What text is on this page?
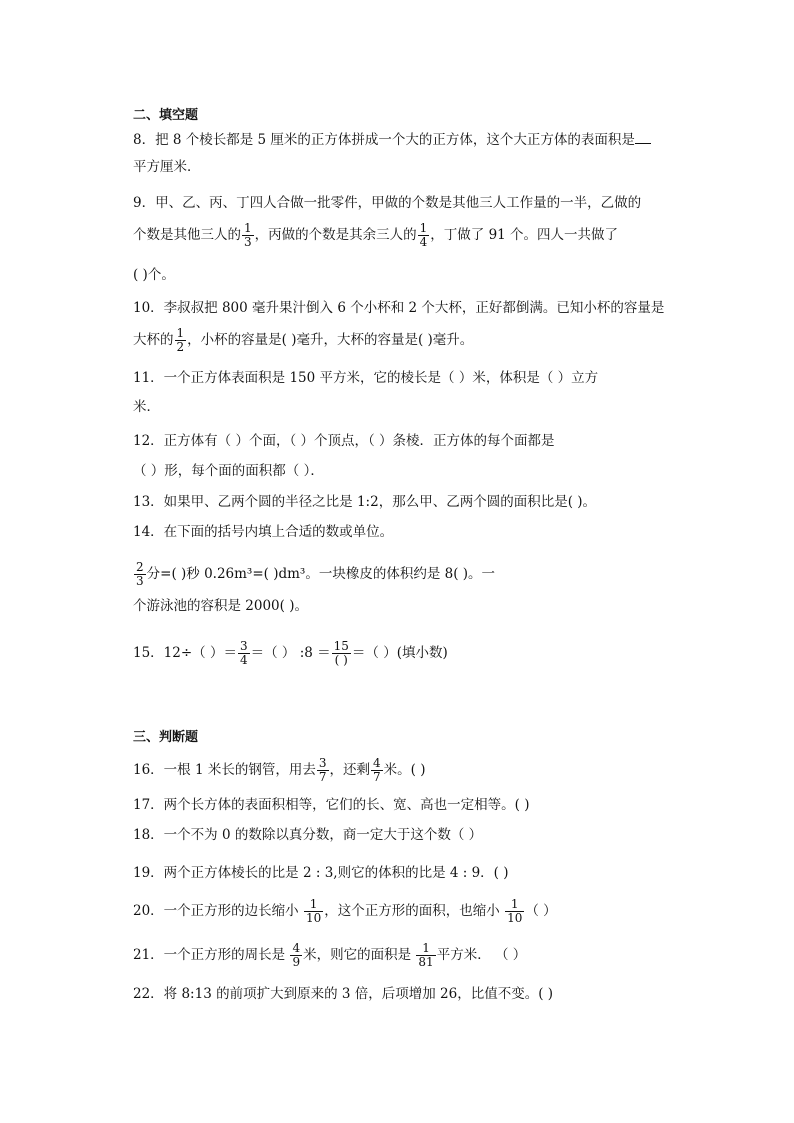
二、填空题
8．把 8 个棱长都是 5 厘米的正方体拼成一个大的正方体，这个大正方体的表面积是
平方厘米．
9．甲、乙、丙、丁四人合做一批零件，甲做的个数是其他三人工作量的一半，乙做的
个数是其他三人的 $\frac{1}{3}$ ，丙做的个数是其余三人的 $\frac{1}{4}$ ，丁做了 91 个。四人一共做了
( )个。
10．李叔叔把 800 毫升果汁倒入 6 个小杯和 2 个大杯，正好都倒满。已知小杯的容量是
大杯的 $\frac{1}{2}$ ，小杯的容量是( )毫升，大杯的容量是( )毫升。
11．一个正方体表面积是 150 平方米，它的棱长是（ ）米，体积是（ ）立方
米．
12．正方体有（ ）个面，（ ）个顶点，（ ）条棱．正方体的每个面都是
（ ）形，每个面的面积都（ ）．
13．如果甲、乙两个圆的半径之比是 1:2，那么甲、乙两个圆的面积比是( )。
14．在下面的括号内填上合适的数或单位。
$\frac{2}{3}$ 分=( )秒 0.26m³=( )dm³。一块橡皮的体积约是 8( )。一
个游泳池的容积是 2000( )。
15．12÷（ ）＝ $\frac{3}{4}$ ＝（ ） :8 ＝ 15
( ) ＝（ ）(填小数)
三、判断题
16．一根 1 米长的钢管，用去 $\frac{3}{7}$ ，还剩 $\frac{4}{7}$ 米。( )
17．两个长方体的表面积相等，它们的长、宽、高也一定相等。( )
18．一个不为 0 的数除以真分数，商一定大于这个数（ ）
19．两个正方体棱长的比是 2 : 3,则它的体积的比是 4 : 9．( )
20．一个正方形的边长缩小 $\frac{1}{10}$ ，这个正方形的面积，也缩小 $\frac{1}{10}$ （ ）
21．一个正方形的周长是 $\frac{4}{9}$ 米，则它的面积是 $\frac{1}{81}$ 平方米． （ ）
22．将 8:13 的前项扩大到原来的 3 倍，后项增加 26，比值不变。( )
